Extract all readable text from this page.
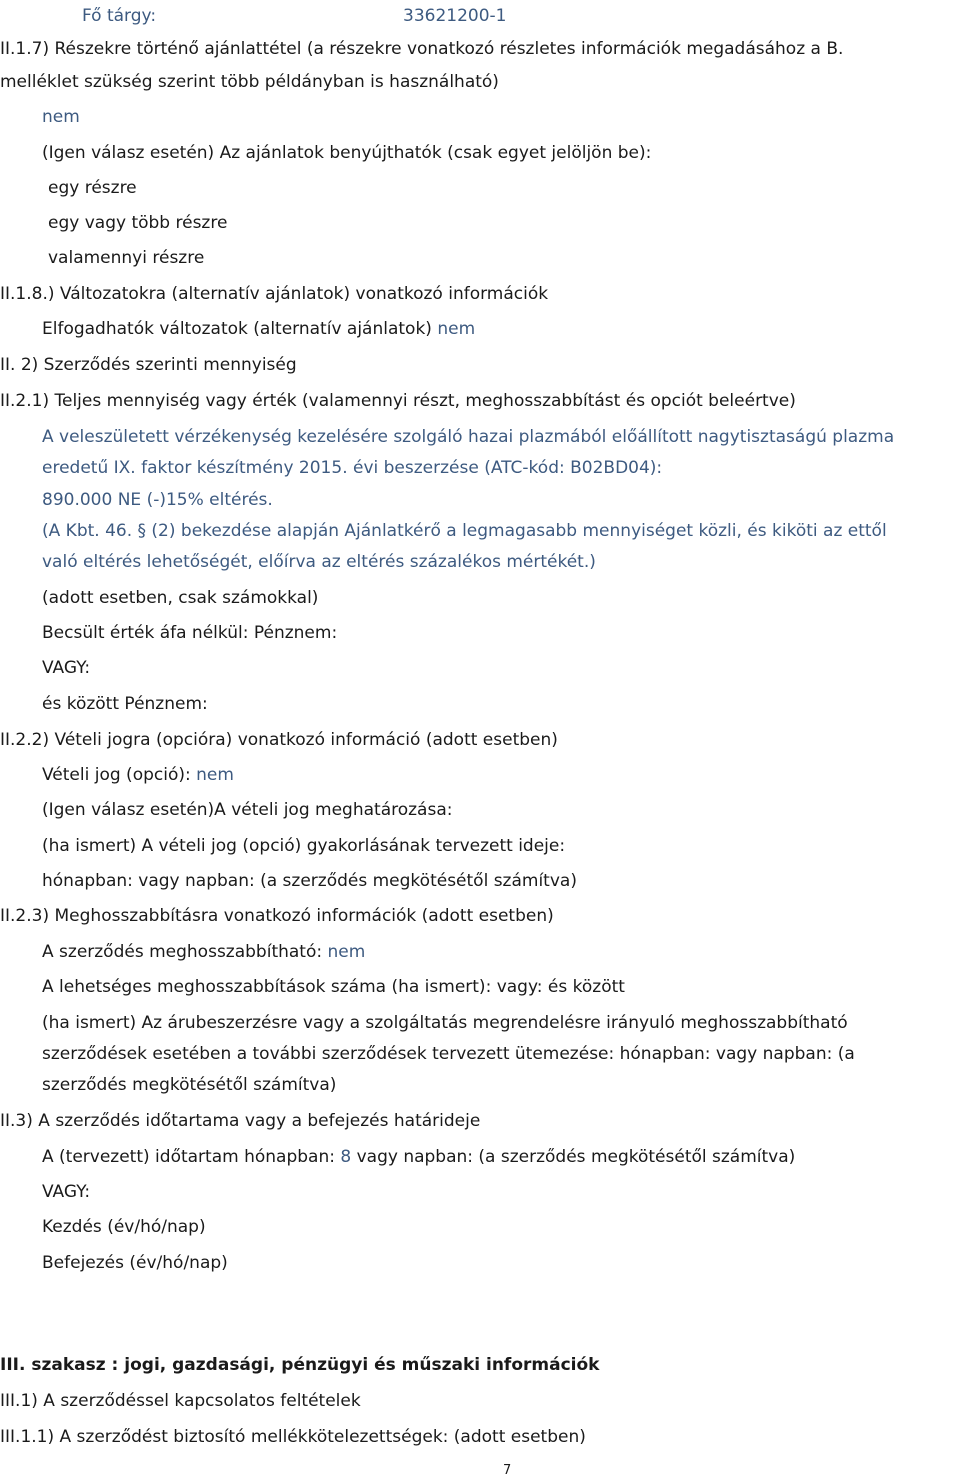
Fő tárgy:	33621200-1
II.1.7) Részekre történő ajánlattétel (a részekre vonatkozó részletes információk megadásához a B.
melléklet szükség szerint több példányban is használható)
nem
(Igen válasz esetén) Az ajánlatok benyújthatók (csak egyet jelöljön be):
egy részre
egy vagy több részre
valamennyi részre
II.1.8.) Változatokra (alternatív ajánlatok) vonatkozó információk
Elfogadhatók változatok (alternatív ajánlatok) nem
II. 2) Szerződés szerinti mennyiség
II.2.1) Teljes mennyiség vagy érték (valamennyi részt, meghosszabbítást és opciót beleértve)
A veleszületett vérzékenység kezelésére szolgáló hazai plazmából előállított nagytisztaságú plazma
eredetű IX. faktor készítmény 2015. évi beszerzése (ATC-kód: B02BD04):
890.000 NE (-)15% eltérés.
(A Kbt. 46. § (2) bekezdése alapján Ajánlatkérő a legmagasabb mennyiséget közli, és kiköti az ettől
való eltérés lehetőségét, előírva az eltérés százalékos mértékét.)
(adott esetben, csak számokkal)
Becsült érték áfa nélkül: Pénznem:
VAGY:
és között Pénznem:
II.2.2) Vételi jogra (opcióra) vonatkozó információ (adott esetben)
Vételi jog (opció): nem
(Igen válasz esetén)A vételi jog meghatározása:
(ha ismert) A vételi jog (opció) gyakorlásának tervezett ideje:
hónapban: vagy napban: (a szerződés megkötésétől számítva)
II.2.3) Meghosszabbításra vonatkozó információk (adott esetben)
A szerződés meghosszabbítható: nem
A lehetséges meghosszabbítások száma (ha ismert): vagy: és között
(ha ismert) Az árubeszerzésre vagy a szolgáltatás megrendelésre irányuló meghosszabbítható
szerződések esetében a további szerződések tervezett ütemezése: hónapban: vagy napban: (a
szerződés megkötésétől számítva)
II.3) A szerződés időtartama vagy a befejezés határideje
A (tervezett) időtartam hónapban: 8 vagy napban: (a szerződés megkötésétől számítva)
VAGY:
Kezdés (év/hó/nap)
Befejezés (év/hó/nap)
III. szakasz : jogi, gazdasági, pénzügyi és műszaki információk
III.1) A szerződéssel kapcsolatos feltételek
III.1.1) A szerződést biztosító mellékkötelezettségek: (adott esetben)
7
